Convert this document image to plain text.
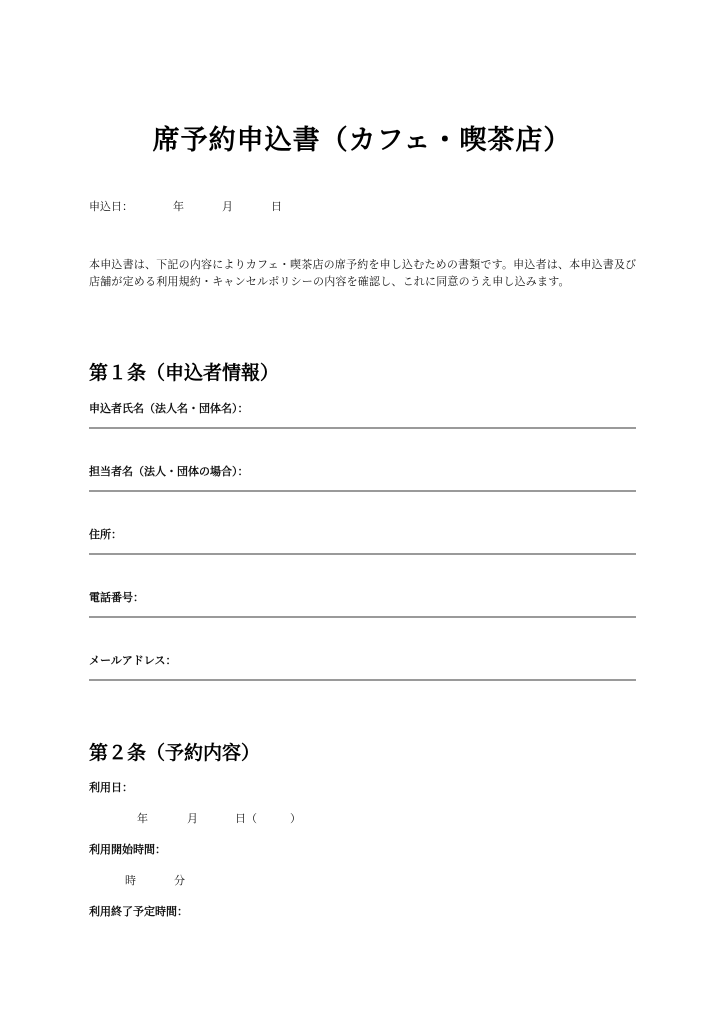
席予約申込書（カフェ・喫茶店）
申込日：	年	月	日
本申込書は、下記の内容によりカフェ・喫茶店の席予約を申し込むための書類です。申込者は、本申込書及び店舗が定める利用規約・キャンセルポリシーの内容を確認し、これに同意のうえ申し込みます。
第１条（申込者情報）
申込者氏名（法人名・団体名）：
担当者名（法人・団体の場合）：
住所：
電話番号：
メールアドレス：
第２条（予約内容）
利用日：
年	月	日（　　　）
利用開始時間：
時	分
利用終了予定時間：
